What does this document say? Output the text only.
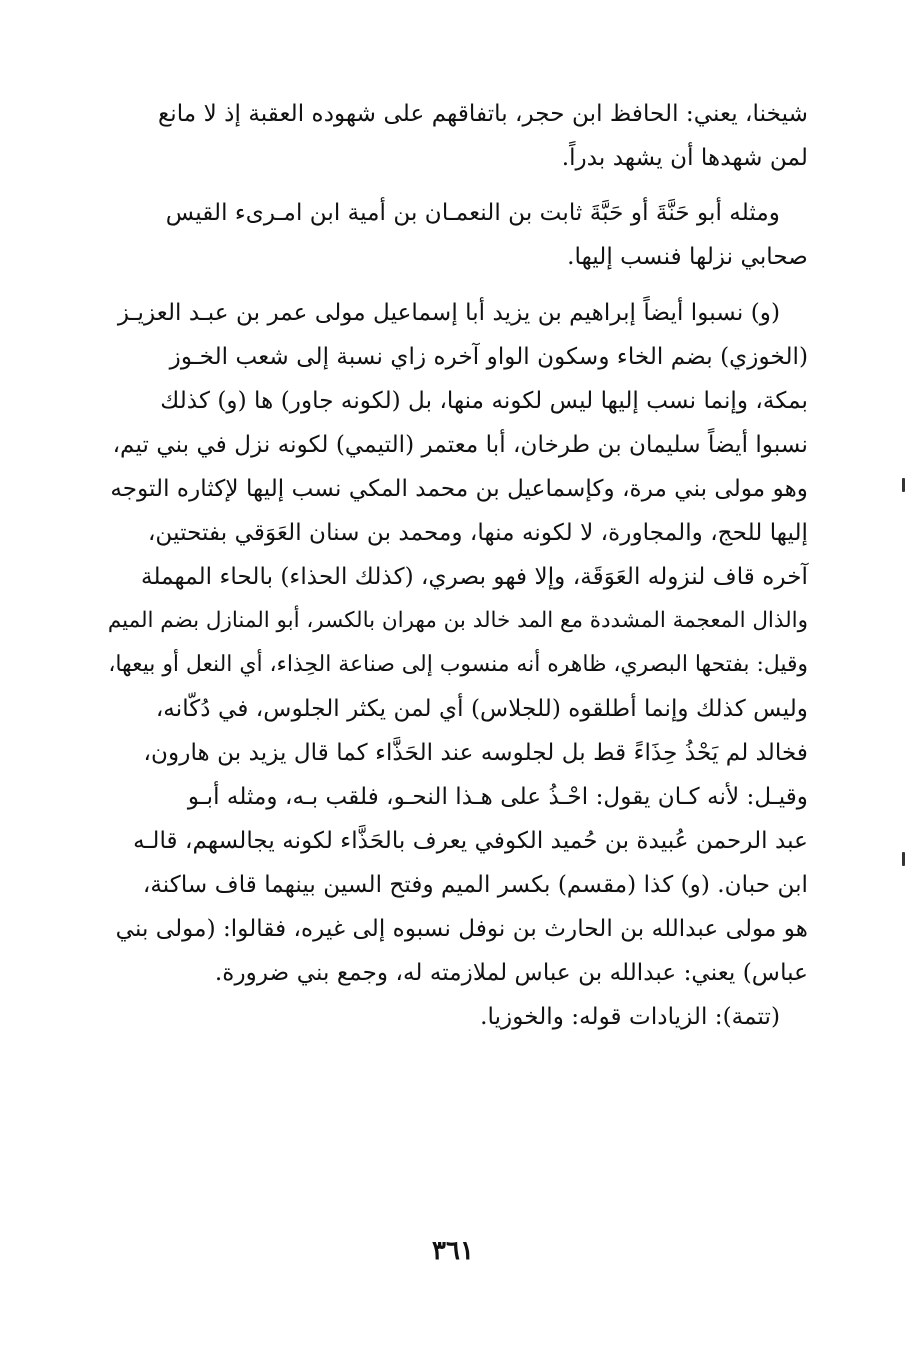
شيخنا، يعني: الحافظ ابن حجر، باتفاقهم على شهوده العقبة إذ لا مانع
لمن شهدها أن يشهد بدراً.
ومثله أبو حَنَّةَ أو حَبَّةَ ثابت بن النعمـان بن أمية ابن امـرىء القيس
صحابي نزلها فنسب إليها.
(و) نسبوا أيضاً إبراهيم بن يزيد أبا إسماعيل مولى عمر بن عبـد العزيـز
(الخوزي) بضم الخاء وسكون الواو آخره زاي نسبة إلى شعب الخـوز
بمكة، وإنما نسب إليها ليس لكونه منها، بل (لكونه جاور) ها (و) كذلك
نسبوا أيضاً سليمان بن طرخان، أبا معتمر (التيمي) لكونه نزل في بني تيم،
وهو مولى بني مرة، وكإسماعيل بن محمد المكي نسب إليها لإكثاره التوجه
إليها للحج، والمجاورة، لا لكونه منها، ومحمد بن سنان العَوَقي بفتحتين،
آخره قاف لنزوله العَوَقَة، وإلا فهو بصري، (كذلك الحذاء) بالحاء المهملة
والذال المعجمة المشددة مع المد خالد بن مهران بالكسر، أبو المنازل بضم الميم
وقيل: بفتحها البصري، ظاهره أنه منسوب إلى صناعة الحِذاء، أي النعل أو بيعها،
وليس كذلك وإنما أطلقوه (للجلاس) أي لمن يكثر الجلوس، في دُكّانه،
فخالد لم يَحْذُ حِذَاءً قط بل لجلوسه عند الحَذَّاء كما قال يزيد بن هارون،
وقيـل: لأنه كـان يقول: احْـذُ على هـذا النحـو، فلقب بـه، ومثله أبـو
عبد الرحمن عُبيدة بن حُميد الكوفي يعرف بالحَذَّاء لكونه يجالسهم، قالـه
ابن حبان. (و) كذا (مقسم) بكسر الميم وفتح السين بينهما قاف ساكنة،
هو مولى عبدالله بن الحارث بن نوفل نسبوه إلى غيره، فقالوا: (مولى بني
عباس) يعني: عبدالله بن عباس لملازمته له، وجمع بني ضرورة.
(تتمة): الزيادات قوله: والخوزيا.
٣٦١
